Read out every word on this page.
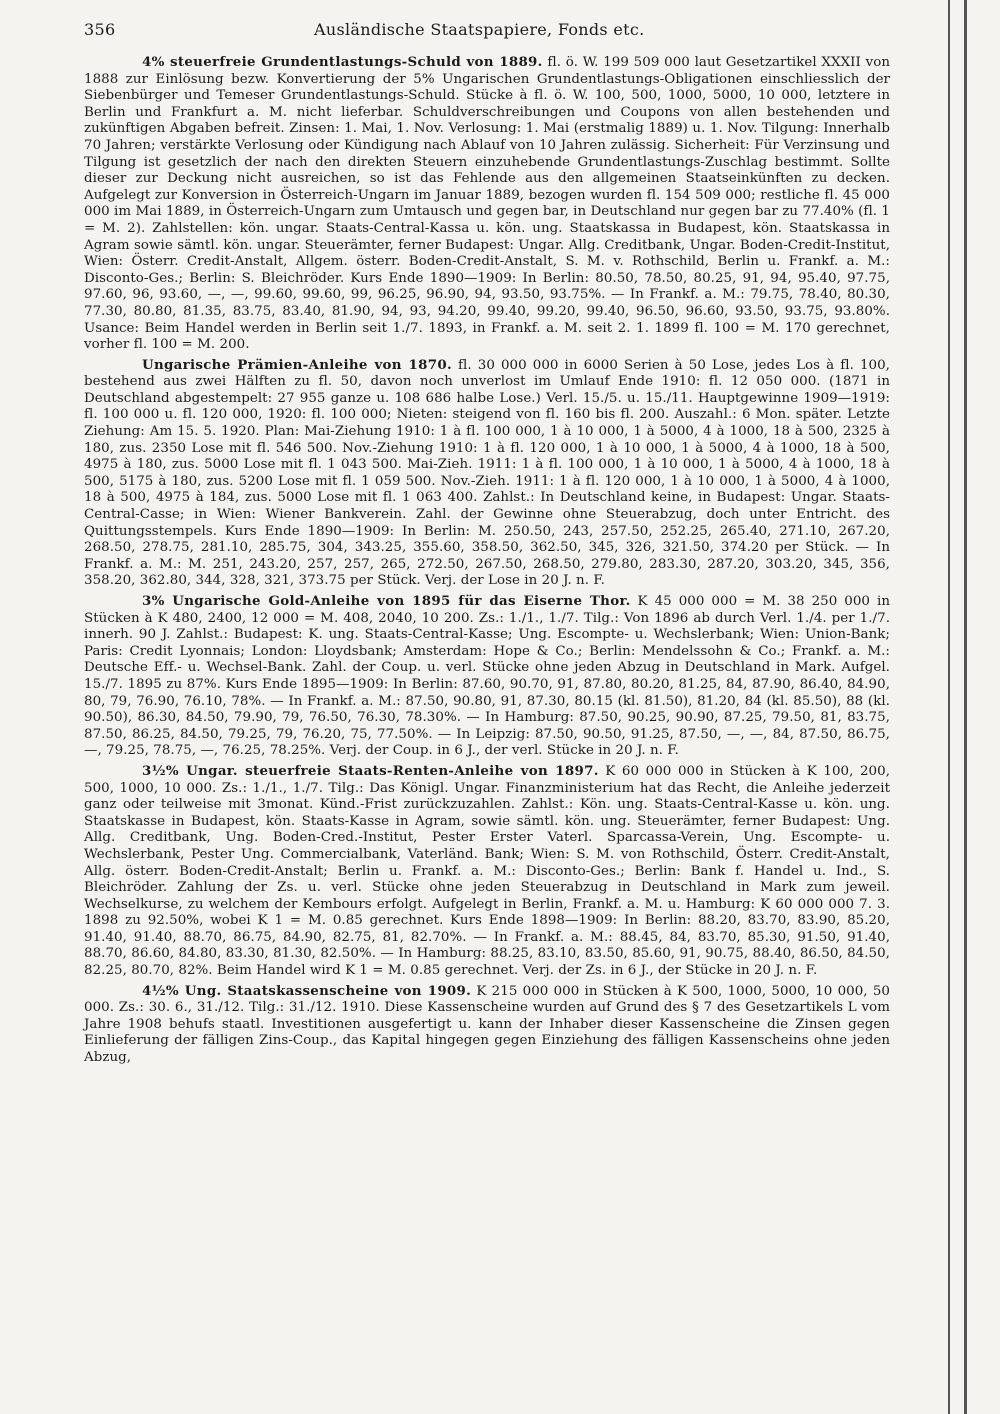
356	Ausländische Staatspapiere, Fonds etc.

4% steuerfreie Grundentlastungs-Schuld von 1889. fl. ö. W. 199 509 000 laut Gesetzartikel XXXII von 1888 zur Einlösung bezw. Konvertierung der 5% Ungarischen Grundentlastungs-Obligationen einschliesslich der Siebenbürger und Temeser Grundentlastungs-Schuld. Stücke à fl. ö. W. 100, 500, 1000, 5000, 10 000, letztere in Berlin und Frankfurt a. M. nicht lieferbar. Schuldverschreibungen und Coupons von allen bestehenden und zukünftigen Abgaben befreit. Zinsen: 1. Mai, 1. Nov. Verlosung: 1. Mai (erstmalig 1889) u. 1. Nov. Tilgung: Innerhalb 70 Jahren; verstärkte Verlosung oder Kündigung nach Ablauf von 10 Jahren zulässig. Sicherheit: Für Verzinsung und Tilgung ist gesetzlich der nach den direkten Steuern einzuhebende Grundentlastungs-Zuschlag bestimmt. Sollte dieser zur Deckung nicht ausreichen, so ist das Fehlende aus den allgemeinen Staatseinkünften zu decken. Aufgelegt zur Konversion in Österreich-Ungarn im Januar 1889, bezogen wurden fl. 154 509 000; restliche fl. 45 000 000 im Mai 1889, in Österreich-Ungarn zum Umtausch und gegen bar, in Deutschland nur gegen bar zu 77.40% (fl. 1 = M. 2). Zahlstellen: kön. ungar. Staats-Central-Kassa u. kön. ung. Staatskassa in Budapest, kön. Staatskassa in Agram sowie sämtl. kön. ungar. Steuerämter, ferner Budapest: Ungar. Allg. Creditbank, Ungar. Boden-Credit-Institut, Wien: Österr. Credit-Anstalt, Allgem. österr. Boden-Credit-Anstalt, S. M. v. Rothschild, Berlin u. Frankf. a. M.: Disconto-Ges.; Berlin: S. Bleichröder. Kurs Ende 1890—1909: In Berlin: 80.50, 78.50, 80.25, 91, 94, 95.40, 97.75, 97.60, 96, 93.60, —, —, 99.60, 99.60, 99, 96.25, 96.90, 94, 93.50, 93.75%. — In Frankf. a. M.: 79.75, 78.40, 80.30, 77.30, 80.80, 81.35, 83.75, 83.40, 81.90, 94, 93, 94.20, 99.40, 99.20, 99.40, 96.50, 96.60, 93.50, 93.75, 93.80%. Usance: Beim Handel werden in Berlin seit 1./7. 1893, in Frankf. a. M. seit 2. 1. 1899 fl. 100 = M. 170 gerechnet, vorher fl. 100 = M. 200.

Ungarische Prämien-Anleihe von 1870. fl. 30 000 000 in 6000 Serien à 50 Lose, jedes Los à fl. 100, bestehend aus zwei Hälften zu fl. 50, davon noch unverlost im Umlauf Ende 1910: fl. 12 050 000. (1871 in Deutschland abgestempelt: 27 955 ganze u. 108 686 halbe Lose.) Verl. 15./5. u. 15./11. Hauptgewinne 1909—1919: fl. 100 000 u. fl. 120 000, 1920: fl. 100 000; Nieten: steigend von fl. 160 bis fl. 200. Auszahl.: 6 Mon. später. Letzte Ziehung: Am 15. 5. 1920. Plan: Mai-Ziehung 1910: 1 à fl. 100 000, 1 à 10 000, 1 à 5000, 4 à 1000, 18 à 500, 2325 à 180, zus. 2350 Lose mit fl. 546 500. Nov.-Ziehung 1910: 1 à fl. 120 000, 1 à 10 000, 1 à 5000, 4 à 1000, 18 à 500, 4975 à 180, zus. 5000 Lose mit fl. 1 043 500. Mai-Zieh. 1911: 1 à fl. 100 000, 1 à 10 000, 1 à 5000, 4 à 1000, 18 à 500, 5175 à 180, zus. 5200 Lose mit fl. 1 059 500. Nov.-Zieh. 1911: 1 à fl. 120 000, 1 à 10 000, 1 à 5000, 4 à 1000, 18 à 500, 4975 à 184, zus. 5000 Lose mit fl. 1 063 400. Zahlst.: In Deutschland keine, in Budapest: Ungar. Staats-Central-Casse; in Wien: Wiener Bankverein. Zahl. der Gewinne ohne Steuerabzug, doch unter Entricht. des Quittungsstempels. Kurs Ende 1890—1909: In Berlin: M. 250.50, 243, 257.50, 252.25, 265.40, 271.10, 267.20, 268.50, 278.75, 281.10, 285.75, 304, 343.25, 355.60, 358.50, 362.50, 345, 326, 321.50, 374.20 per Stück. — In Frankf. a. M.: M. 251, 243.20, 257, 257, 265, 272.50, 267.50, 268.50, 279.80, 283.30, 287.20, 303.20, 345, 356, 358.20, 362.80, 344, 328, 321, 373.75 per Stück. Verj. der Lose in 20 J. n. F.

3% Ungarische Gold-Anleihe von 1895 für das Eiserne Thor. K 45 000 000 = M. 38 250 000 in Stücken à K 480, 2400, 12 000 = M. 408, 2040, 10 200. Zs.: 1./1., 1./7. Tilg.: Von 1896 ab durch Verl. 1./4. per 1./7. innerh. 90 J. Zahlst.: Budapest: K. ung. Staats-Central-Kasse; Ung. Escompte- u. Wechslerbank; Wien: Union-Bank; Paris: Credit Lyonnais; London: Lloydsbank; Amsterdam: Hope & Co.; Berlin: Mendelssohn & Co.; Frankf. a. M.: Deutsche Eff.- u. Wechsel-Bank. Zahl. der Coup. u. verl. Stücke ohne jeden Abzug in Deutschland in Mark. Aufgel. 15./7. 1895 zu 87%. Kurs Ende 1895—1909: In Berlin: 87.60, 90.70, 91, 87.80, 80.20, 81.25, 84, 87.90, 86.40, 84.90, 80, 79, 76.90, 76.10, 78%. — In Frankf. a. M.: 87.50, 90.80, 91, 87.30, 80.15 (kl. 81.50), 81.20, 84 (kl. 85.50), 88 (kl. 90.50), 86.30, 84.50, 79.90, 79, 76.50, 76.30, 78.30%. — In Hamburg: 87.50, 90.25, 90.90, 87.25, 79.50, 81, 83.75, 87.50, 86.25, 84.50, 79.25, 79, 76.20, 75, 77.50%. — In Leipzig: 87.50, 90.50, 91.25, 87.50, —, —, 84, 87.50, 86.75, —, 79.25, 78.75, —, 76.25, 78.25%. Verj. der Coup. in 6 J., der verl. Stücke in 20 J. n. F.

3½% Ungar. steuerfreie Staats-Renten-Anleihe von 1897. K 60 000 000 in Stücken à K 100, 200, 500, 1000, 10 000. Zs.: 1./1., 1./7. Tilg.: Das Königl. Ungar. Finanzministerium hat das Recht, die Anleihe jederzeit ganz oder teilweise mit 3monat. Künd.-Frist zurückzuzahlen. Zahlst.: Kön. ung. Staats-Central-Kasse u. kön. ung. Staatskasse in Budapest, kön. Staats-Kasse in Agram, sowie sämtl. kön. ung. Steuerämter, ferner Budapest: Ung. Allg. Creditbank, Ung. Boden-Cred.-Institut, Pester Erster Vaterl. Sparcassa-Verein, Ung. Escompte- u. Wechslerbank, Pester Ung. Commercialbank, Vaterländ. Bank; Wien: S. M. von Rothschild, Österr. Credit-Anstalt, Allg. österr. Boden-Credit-Anstalt; Berlin u. Frankf. a. M.: Disconto-Ges.; Berlin: Bank f. Handel u. Ind., S. Bleichröder. Zahlung der Zs. u. verl. Stücke ohne jeden Steuerabzug in Deutschland in Mark zum jeweil. Wechselkurse, zu welchem der Kembours erfolgt. Aufgelegt in Berlin, Frankf. a. M. u. Hamburg: K 60 000 000 7. 3. 1898 zu 92.50%, wobei K 1 = M. 0.85 gerechnet. Kurs Ende 1898—1909: In Berlin: 88.20, 83.70, 83.90, 85.20, 91.40, 91.40, 88.70, 86.75, 84.90, 82.75, 81, 82.70%. — In Frankf. a. M.: 88.45, 84, 83.70, 85.30, 91.50, 91.40, 88.70, 86.60, 84.80, 83.30, 81.30, 82.50%. — In Hamburg: 88.25, 83.10, 83.50, 85.60, 91, 90.75, 88.40, 86.50, 84.50, 82.25, 80.70, 82%. Beim Handel wird K 1 = M. 0.85 gerechnet. Verj. der Zs. in 6 J., der Stücke in 20 J. n. F.

4½% Ung. Staatskassenscheine von 1909. K 215 000 000 in Stücken à K 500, 1000, 5000, 10 000, 50 000. Zs.: 30. 6., 31./12. Tilg.: 31./12. 1910. Diese Kassenscheine wurden auf Grund des § 7 des Gesetzartikels L vom Jahre 1908 behufs staatl. Investitionen ausgefertigt u. kann der Inhaber dieser Kassenscheine die Zinsen gegen Einlieferung der fälligen Zins-Coup., das Kapital hingegen gegen Einziehung des fälligen Kassenscheins ohne jeden Abzug,
